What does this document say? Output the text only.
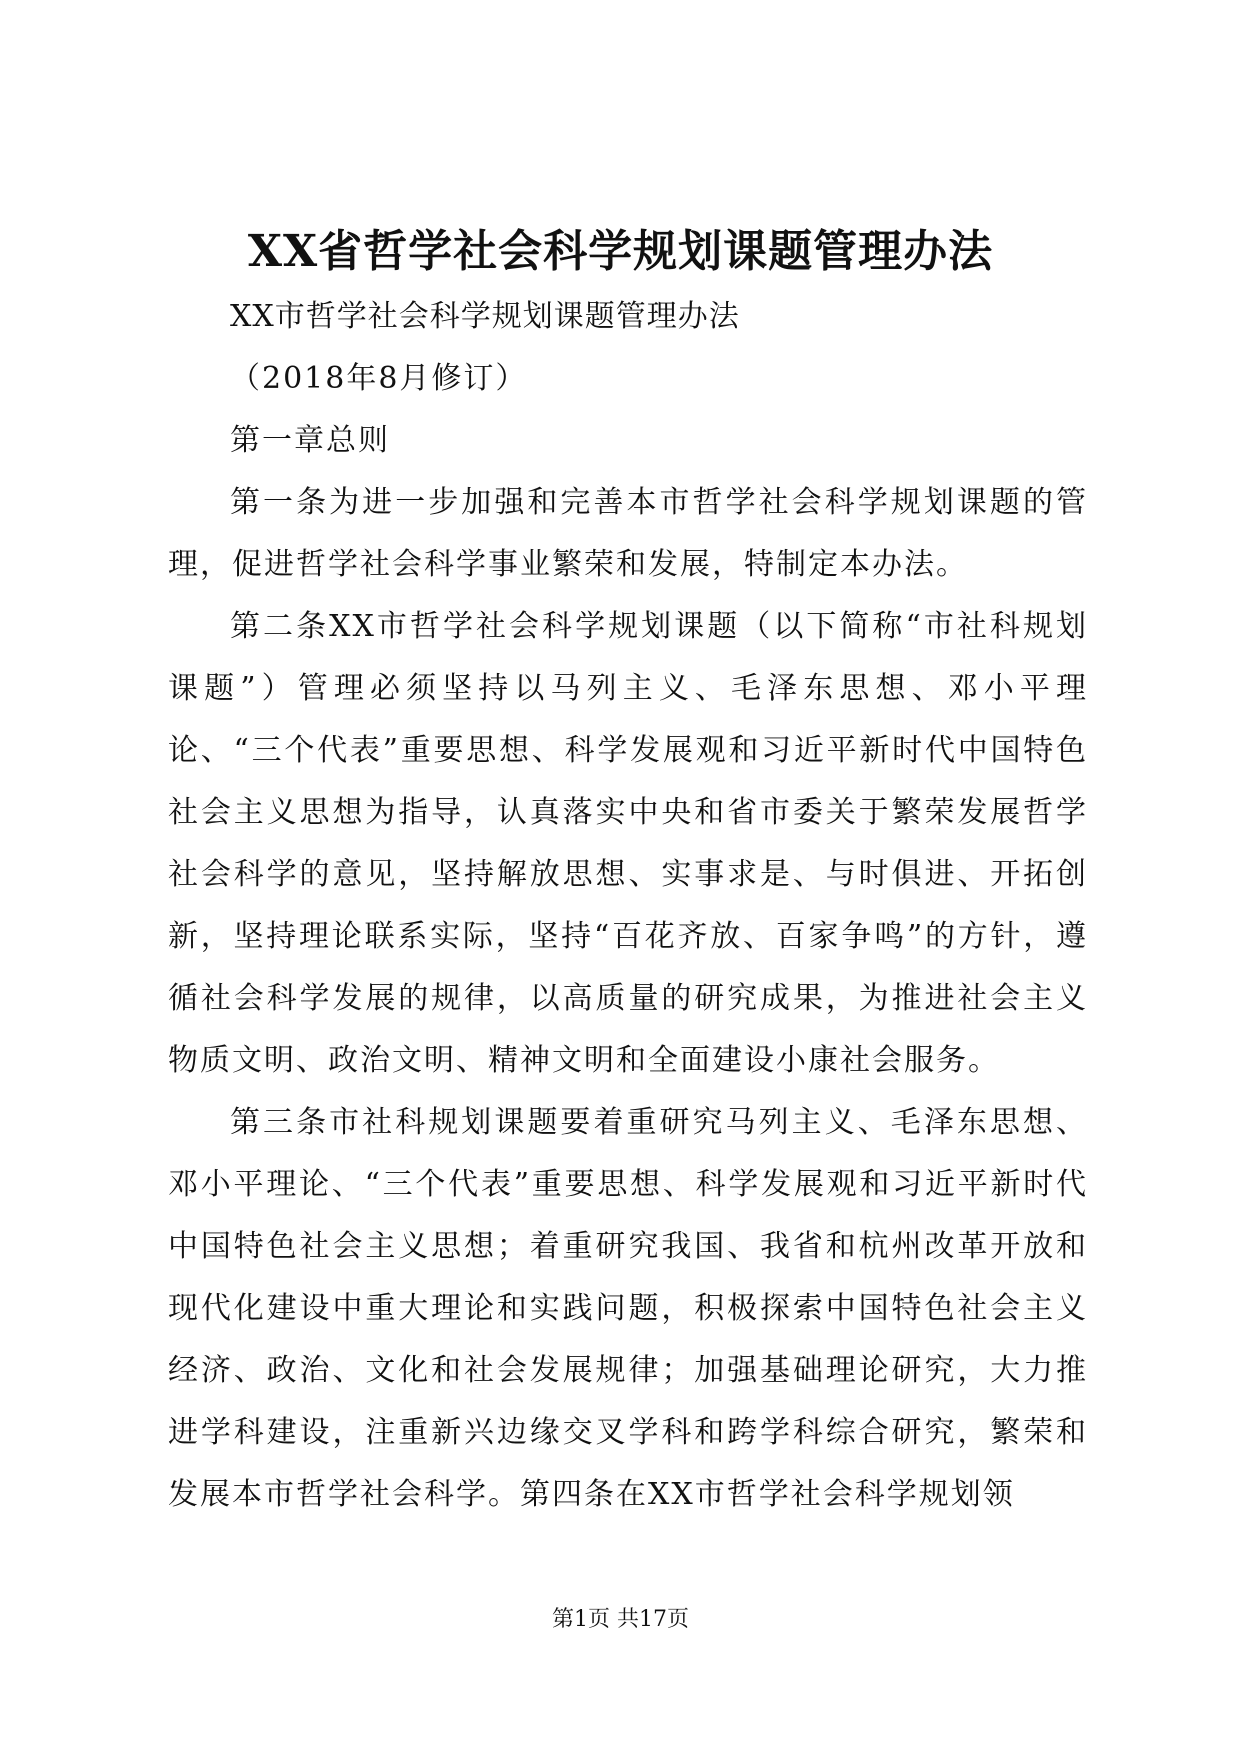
XX省哲学社会科学规划课题管理办法

XX市哲学社会科学规划课题管理办法

（2018年8月修订）

第一章总则

第一条为进一步加强和完善本市哲学社会科学规划课题的管理，促进哲学社会科学事业繁荣和发展，特制定本办法。

第二条XX市哲学社会科学规划课题（以下简称“市社科规划课题”）管理必须坚持以马列主义、毛泽东思想、邓小平理论、“三个代表”重要思想、科学发展观和习近平新时代中国特色社会主义思想为指导，认真落实中央和省市委关于繁荣发展哲学社会科学的意见，坚持解放思想、实事求是、与时俱进、开拓创新，坚持理论联系实际，坚持“百花齐放、百家争鸣”的方针，遵循社会科学发展的规律，以高质量的研究成果，为推进社会主义物质文明、政治文明、精神文明和全面建设小康社会服务。

第三条市社科规划课题要着重研究马列主义、毛泽东思想、邓小平理论、“三个代表”重要思想、科学发展观和习近平新时代中国特色社会主义思想；着重研究我国、我省和杭州改革开放和现代化建设中重大理论和实践问题，积极探索中国特色社会主义经济、政治、文化和社会发展规律；加强基础理论研究，大力推进学科建设，注重新兴边缘交叉学科和跨学科综合研究，繁荣和发展本市哲学社会科学。第四条在XX市哲学社会科学规划领

第1页 共17页
